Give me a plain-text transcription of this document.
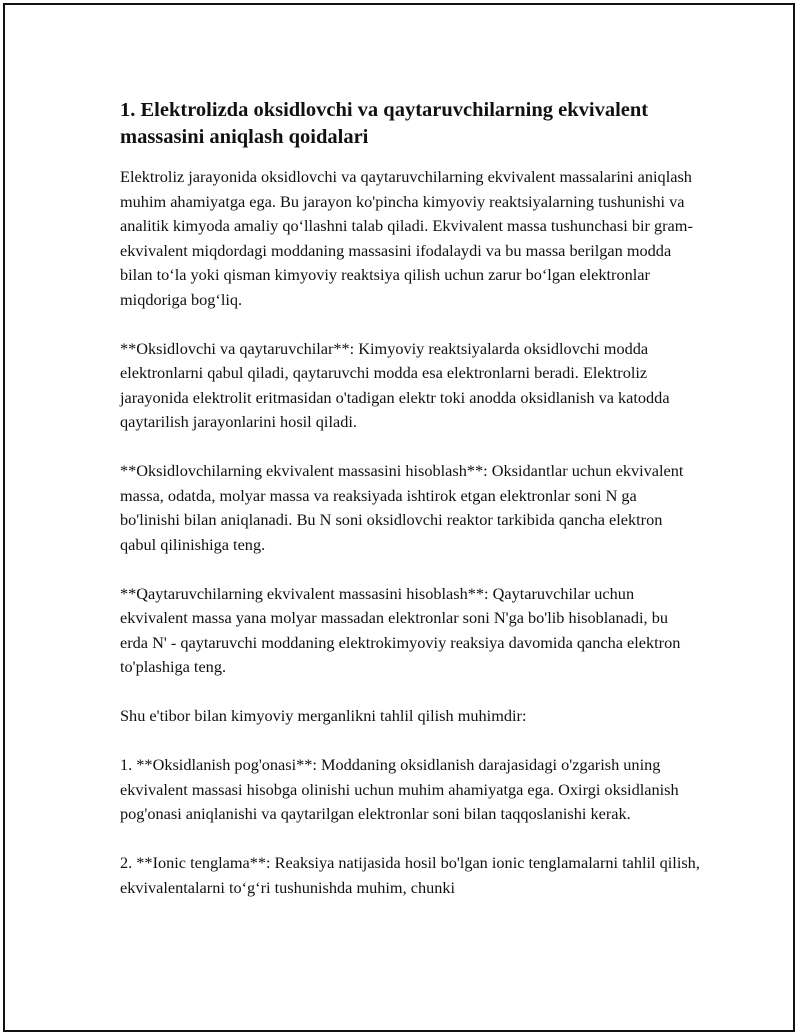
1. Elektrolizda oksidlovchi va qaytaruvchilarning ekvivalent massasini aniqlash qoidalari

Elektroliz jarayonida oksidlovchi va qaytaruvchilarning ekvivalent massalarini aniqlash muhim ahamiyatga ega. Bu jarayon ko'pincha kimyoviy reaktsiyalarning tushunishi va analitik kimyoda amaliy qo‘llashni talab qiladi. Ekvivalent massa tushunchasi bir gram-ekvivalent miqdordagi moddaning massasini ifodalaydi va bu massa berilgan modda bilan to‘la yoki qisman kimyoviy reaktsiya qilish uchun zarur bo‘lgan elektronlar miqdoriga bog‘liq.

**Oksidlovchi va qaytaruvchilar**: Kimyoviy reaktsiyalarda oksidlovchi modda elektronlarni qabul qiladi, qaytaruvchi modda esa elektronlarni beradi. Elektroliz jarayonida elektrolit eritmasidan o'tadigan elektr toki anodda oksidlanish va katodda qaytarilish jarayonlarini hosil qiladi.

**Oksidlovchilarning ekvivalent massasini hisoblash**: Oksidantlar uchun ekvivalent massa, odatda, molyar massa va reaksiyada ishtirok etgan elektronlar soni N ga bo'linishi bilan aniqlanadi. Bu N soni oksidlovchi reaktor tarkibida qancha elektron qabul qilinishiga teng.

**Qaytaruvchilarning ekvivalent massasini hisoblash**: Qaytaruvchilar uchun ekvivalent massa yana molyar massadan elektronlar soni N'ga bo'lib hisoblanadi, bu erda N' - qaytaruvchi moddaning elektrokimyoviy reaksiya davomida qancha elektron to'plashiga teng.

Shu e'tibor bilan kimyoviy merganlikni tahlil qilish muhimdir:

1. **Oksidlanish pog'onasi**: Moddaning oksidlanish darajasidagi o'zgarish uning ekvivalent massasi hisobga olinishi uchun muhim ahamiyatga ega. Oxirgi oksidlanish pog'onasi aniqlanishi va qaytarilgan elektronlar soni bilan taqqoslanishi kerak.

2. **Ionic tenglama**: Reaksiya natijasida hosil bo'lgan ionic tenglamalarni tahlil qilish, ekvivalentalarni to‘g‘ri tushunishda muhim, chunki
